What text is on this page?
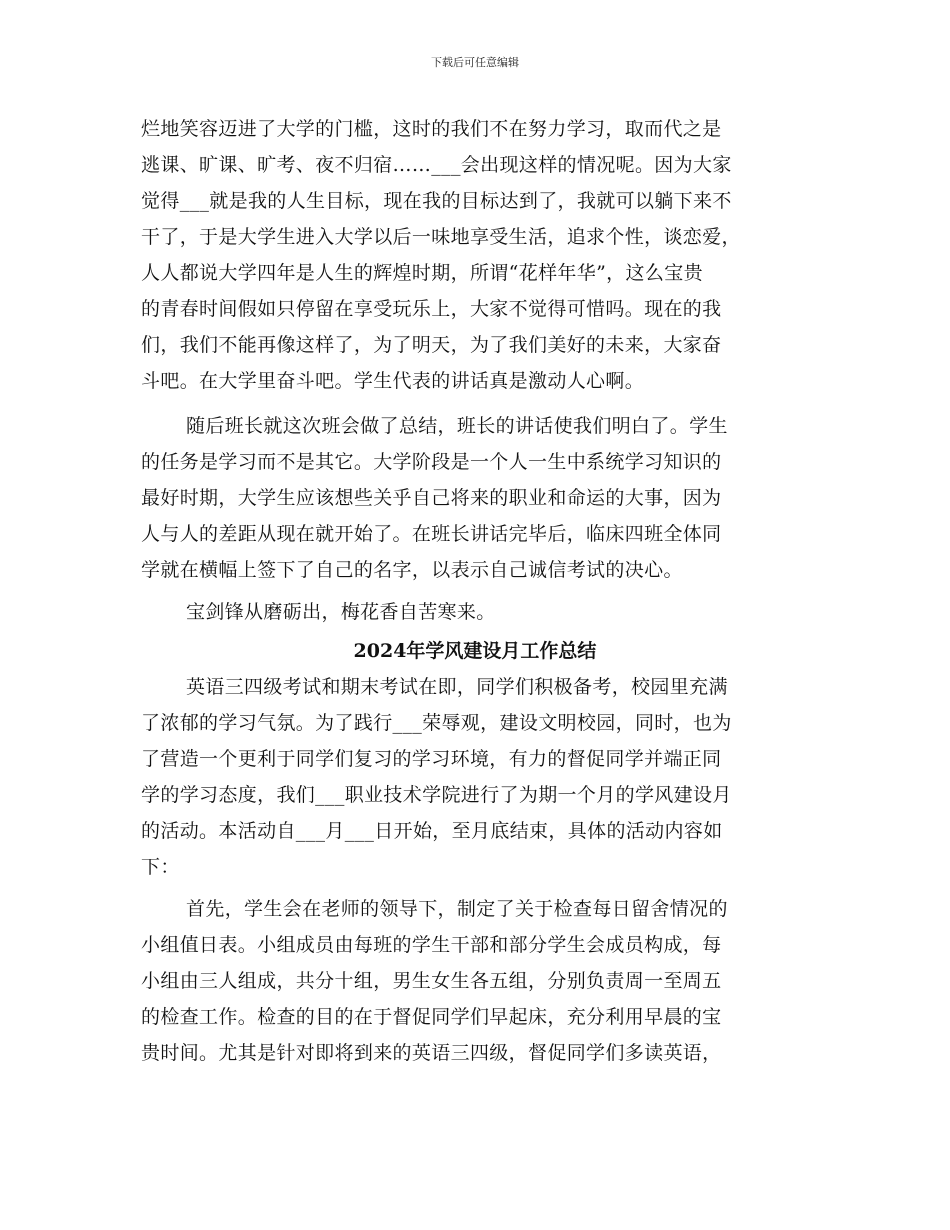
下载后可任意编辑
烂地笑容迈进了大学的门槛，这时的我们不在努力学习，取而代之是
逃课、旷课、旷考、夜不归宿……___会出现这样的情况呢。因为大家
觉得___就是我的人生目标，现在我的目标达到了，我就可以躺下来不
干了，于是大学生进入大学以后一味地享受生活，追求个性，谈恋爱，
人人都说大学四年是人生的辉煌时期，所谓“花样年华”，这么宝贵
的青春时间假如只停留在享受玩乐上，大家不觉得可惜吗。现在的我
们，我们不能再像这样了，为了明天，为了我们美好的未来，大家奋
斗吧。在大学里奋斗吧。学生代表的讲话真是激动人心啊。
随后班长就这次班会做了总结，班长的讲话使我们明白了。学生
的任务是学习而不是其它。大学阶段是一个人一生中系统学习知识的
最好时期，大学生应该想些关乎自己将来的职业和命运的大事，因为
人与人的差距从现在就开始了。在班长讲话完毕后，临床四班全体同
学就在横幅上签下了自己的名字，以表示自己诚信考试的决心。
宝剑锋从磨砺出，梅花香自苦寒来。
2024年学风建设月工作总结
英语三四级考试和期末考试在即，同学们积极备考，校园里充满
了浓郁的学习气氛。为了践行___荣辱观，建设文明校园，同时，也为
了营造一个更利于同学们复习的学习环境，有力的督促同学并端正同
学的学习态度，我们___职业技术学院进行了为期一个月的学风建设月
的活动。本活动自___月___日开始，至月底结束，具体的活动内容如
下：
首先，学生会在老师的领导下，制定了关于检查每日留舍情况的
小组值日表。小组成员由每班的学生干部和部分学生会成员构成，每
小组由三人组成，共分十组，男生女生各五组，分别负责周一至周五
的检查工作。检查的目的在于督促同学们早起床，充分利用早晨的宝
贵时间。尤其是针对即将到来的英语三四级，督促同学们多读英语，
